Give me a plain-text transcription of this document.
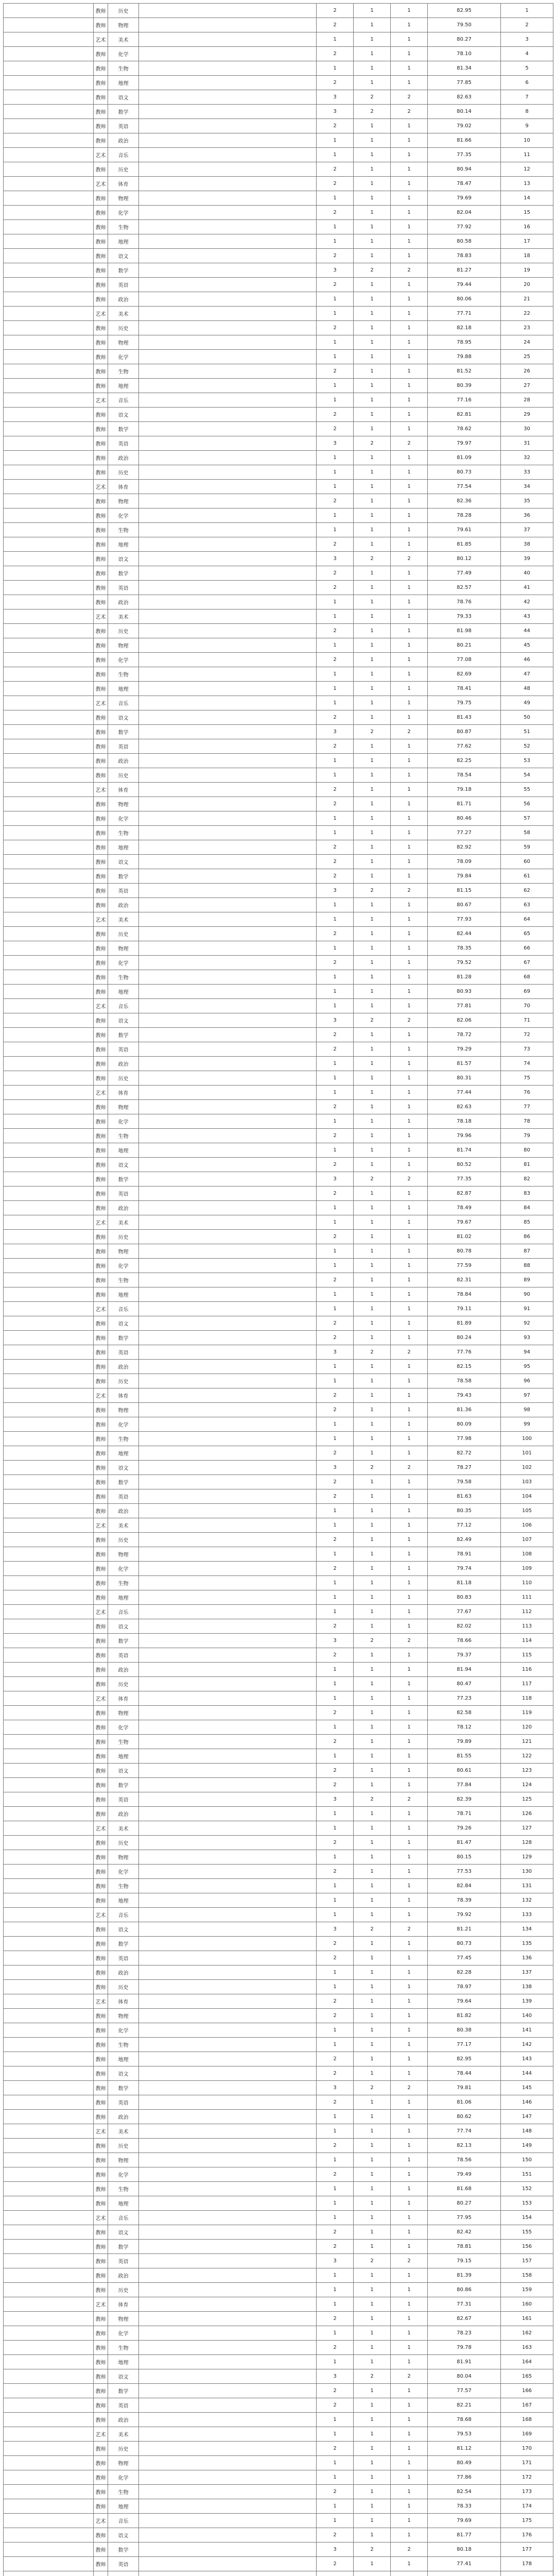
	教师	历史		2	1	1	82.95	1
	教师	物理		2	1	1	79.50	2
	艺术	美术		1	1	1	80.27	3
	教师	化学		2	1	1	78.10	4
	教师	生物		1	1	1	81.34	5
	教师	地理		2	1	1	77.85	6
	教师	语文		3	2	2	82.63	7
	教师	数学		3	2	2	80.14	8
	教师	英语		2	1	1	79.02	9
	教师	政治		1	1	1	81.66	10
	艺术	音乐		1	1	1	77.35	11
	教师	历史		2	1	1	80.94	12
	艺术	体育		2	1	1	78.47	13
	教师	物理		1	1	1	79.69	14
	教师	化学		2	1	1	82.04	15
	教师	生物		1	1	1	77.92	16
	教师	地理		1	1	1	80.58	17
	教师	语文		2	1	1	78.83	18
	教师	数学		3	2	2	81.27	19
	教师	英语		2	1	1	79.44	20
	教师	政治		1	1	1	80.06	21
	艺术	美术		1	1	1	77.71	22
	教师	历史		2	1	1	82.18	23
	教师	物理		1	1	1	78.95	24
	教师	化学		1	1	1	79.88	25
	教师	生物		2	1	1	81.52	26
	教师	地理		1	1	1	80.39	27
	艺术	音乐		1	1	1	77.16	28
	教师	语文		2	1	1	82.81	29
	教师	数学		2	1	1	78.62	30
	教师	英语		3	2	2	79.97	31
	教师	政治		1	1	1	81.09	32
	教师	历史		1	1	1	80.73	33
	艺术	体育		1	1	1	77.54	34
	教师	物理		2	1	1	82.36	35
	教师	化学		1	1	1	78.28	36
	教师	生物		1	1	1	79.61	37
	教师	地理		2	1	1	81.85	38
	教师	语文		3	2	2	80.12	39
	教师	数学		2	1	1	77.49	40
	教师	英语		2	1	1	82.57	41
	教师	政治		1	1	1	78.76	42
	艺术	美术		1	1	1	79.33	43
	教师	历史		2	1	1	81.98	44
	教师	物理		1	1	1	80.21	45
	教师	化学		2	1	1	77.08	46
	教师	生物		1	1	1	82.69	47
	教师	地理		1	1	1	78.41	48
	艺术	音乐		1	1	1	79.75	49
	教师	语文		2	1	1	81.43	50
	教师	数学		3	2	2	80.87	51
	教师	英语		2	1	1	77.62	52
	教师	政治		1	1	1	82.25	53
	教师	历史		1	1	1	78.54	54
	艺术	体育		2	1	1	79.18	55
	教师	物理		2	1	1	81.71	56
	教师	化学		1	1	1	80.46	57
	教师	生物		1	1	1	77.27	58
	教师	地理		2	1	1	82.92	59
	教师	语文		2	1	1	78.09	60
	教师	数学		2	1	1	79.84	61
	教师	英语		3	2	2	81.15	62
	教师	政治		1	1	1	80.67	63
	艺术	美术		1	1	1	77.93	64
	教师	历史		2	1	1	82.44	65
	教师	物理		1	1	1	78.35	66
	教师	化学		2	1	1	79.52	67
	教师	生物		1	1	1	81.28	68
	教师	地理		1	1	1	80.93	69
	艺术	音乐		1	1	1	77.81	70
	教师	语文		3	2	2	82.06	71
	教师	数学		2	1	1	78.72	72
	教师	英语		2	1	1	79.29	73
	教师	政治		1	1	1	81.57	74
	教师	历史		1	1	1	80.31	75
	艺术	体育		1	1	1	77.44	76
	教师	物理		2	1	1	82.63	77
	教师	化学		1	1	1	78.18	78
	教师	生物		2	1	1	79.96	79
	教师	地理		1	1	1	81.74	80
	教师	语文		2	1	1	80.52	81
	教师	数学		3	2	2	77.35	82
	教师	英语		2	1	1	82.87	83
	教师	政治		1	1	1	78.49	84
	艺术	美术		1	1	1	79.67	85
	教师	历史		2	1	1	81.02	86
	教师	物理		1	1	1	80.78	87
	教师	化学		1	1	1	77.59	88
	教师	生物		2	1	1	82.31	89
	教师	地理		1	1	1	78.84	90
	艺术	音乐		1	1	1	79.11	91
	教师	语文		2	1	1	81.89	92
	教师	数学		2	1	1	80.24	93
	教师	英语		3	2	2	77.76	94
	教师	政治		1	1	1	82.15	95
	教师	历史		1	1	1	78.58	96
	艺术	体育		2	1	1	79.43	97
	教师	物理		2	1	1	81.36	98
	教师	化学		1	1	1	80.09	99
	教师	生物		1	1	1	77.98	100
	教师	地理		2	1	1	82.72	101
	教师	语文		3	2	2	78.27	102
	教师	数学		2	1	1	79.58	103
	教师	英语		2	1	1	81.63	104
	教师	政治		1	1	1	80.35	105
	艺术	美术		1	1	1	77.12	106
	教师	历史		2	1	1	82.49	107
	教师	物理		1	1	1	78.91	108
	教师	化学		2	1	1	79.74	109
	教师	生物		1	1	1	81.18	110
	教师	地理		1	1	1	80.83	111
	艺术	音乐		1	1	1	77.67	112
	教师	语文		2	1	1	82.02	113
	教师	数学		3	2	2	78.66	114
	教师	英语		2	1	1	79.37	115
	教师	政治		1	1	1	81.94	116
	教师	历史		1	1	1	80.47	117
	艺术	体育		1	1	1	77.23	118
	教师	物理		2	1	1	82.58	119
	教师	化学		1	1	1	78.12	120
	教师	生物		2	1	1	79.89	121
	教师	地理		1	1	1	81.55	122
	教师	语文		2	1	1	80.61	123
	教师	数学		2	1	1	77.84	124
	教师	英语		3	2	2	82.39	125
	教师	政治		1	1	1	78.71	126
	艺术	美术		1	1	1	79.26	127
	教师	历史		2	1	1	81.47	128
	教师	物理		1	1	1	80.15	129
	教师	化学		2	1	1	77.53	130
	教师	生物		1	1	1	82.84	131
	教师	地理		1	1	1	78.39	132
	艺术	音乐		1	1	1	79.92	133
	教师	语文		3	2	2	81.21	134
	教师	数学		2	1	1	80.73	135
	教师	英语		2	1	1	77.45	136
	教师	政治		1	1	1	82.28	137
	教师	历史		1	1	1	78.97	138
	艺术	体育		2	1	1	79.64	139
	教师	物理		2	1	1	81.82	140
	教师	化学		1	1	1	80.38	141
	教师	生物		1	1	1	77.17	142
	教师	地理		2	1	1	82.95	143
	教师	语文		2	1	1	78.44	144
	教师	数学		3	2	2	79.81	145
	教师	英语		2	1	1	81.06	146
	教师	政治		1	1	1	80.62	147
	艺术	美术		1	1	1	77.74	148
	教师	历史		2	1	1	82.13	149
	教师	物理		1	1	1	78.56	150
	教师	化学		2	1	1	79.49	151
	教师	生物		1	1	1	81.68	152
	教师	地理		1	1	1	80.27	153
	艺术	音乐		1	1	1	77.95	154
	教师	语文		2	1	1	82.42	155
	教师	数学		2	1	1	78.81	156
	教师	英语		3	2	2	79.15	157
	教师	政治		1	1	1	81.39	158
	教师	历史		1	1	1	80.86	159
	艺术	体育		1	1	1	77.31	160
	教师	物理		2	1	1	82.67	161
	教师	化学		1	1	1	78.23	162
	教师	生物		2	1	1	79.78	163
	教师	地理		1	1	1	81.91	164
	教师	语文		3	2	2	80.04	165
	教师	数学		2	1	1	77.57	166
	教师	英语		2	1	1	82.21	167
	教师	政治		1	1	1	78.68	168
	艺术	美术		1	1	1	79.53	169
	教师	历史		2	1	1	81.12	170
	教师	物理		1	1	1	80.49	171
	教师	化学		1	1	1	77.86	172
	教师	生物		2	1	1	82.54	173
	教师	地理		1	1	1	78.33	174
	艺术	音乐		1	1	1	79.69	175
	教师	语文		2	1	1	81.77	176
	教师	数学		3	2	2	80.18	177
	教师	英语		2	1	1	77.41	178
